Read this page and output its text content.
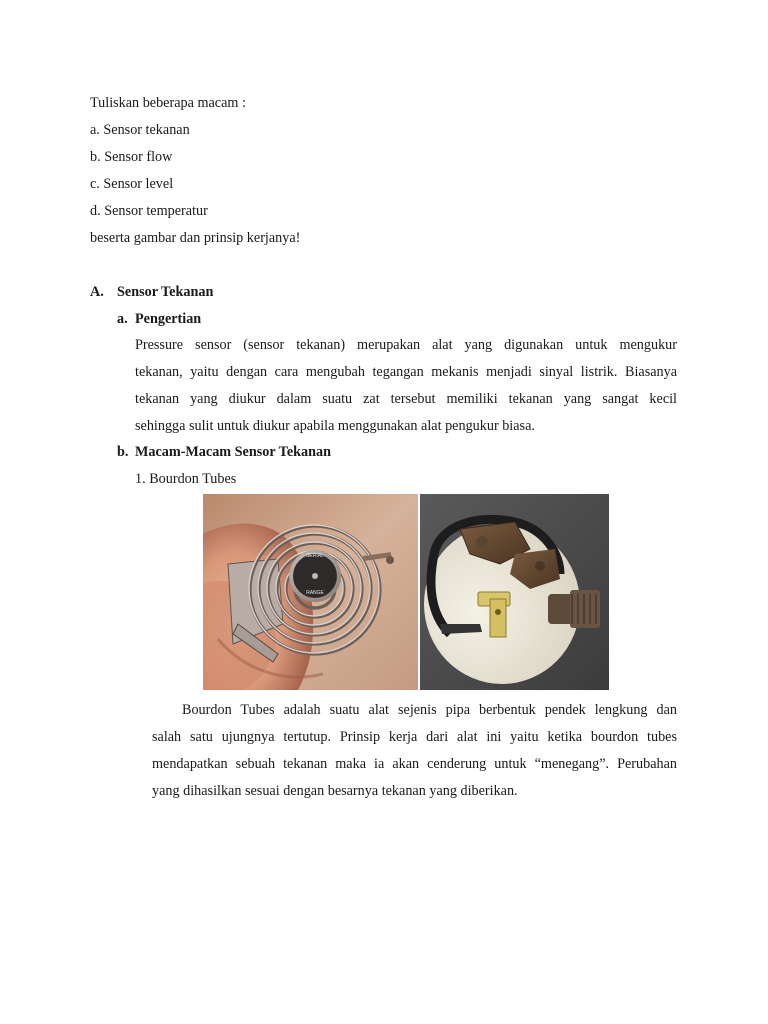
Tuliskan beberapa macam :
a. Sensor tekanan
b. Sensor flow
c. Sensor level
d. Sensor temperatur
beserta gambar dan prinsip kerjanya!
A. Sensor Tekanan
a. Pengertian
Pressure sensor (sensor tekanan) merupakan alat yang digunakan untuk mengukur
tekanan, yaitu dengan cara mengubah tegangan mekanis menjadi sinyal listrik. Biasanya
tekanan yang diukur dalam suatu zat tersebut memiliki tekanan yang sangat kecil
sehingga sulit untuk diukur apabila menggunakan alat pengukur biasa.
b. Macam-Macam Sensor Tekanan
1. Bourdon Tubes
SERIAL
RANGE
Bourdon Tubes adalah suatu alat sejenis pipa berbentuk pendek lengkung dan
salah satu ujungnya tertutup. Prinsip kerja dari alat ini yaitu ketika bourdon tubes
mendapatkan sebuah tekanan maka ia akan cenderung untuk “menegang”. Perubahan
yang dihasilkan sesuai dengan besarnya tekanan yang diberikan.
